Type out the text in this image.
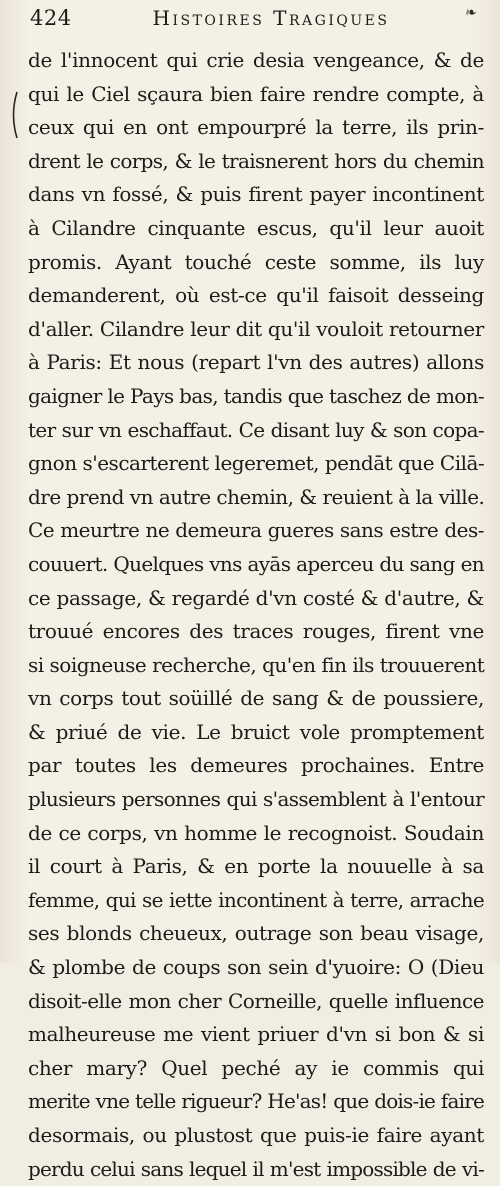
424	Histoires Tragiques	❧
de l'innocent qui crie desia vengeance, & de
qui le Ciel sçaura bien faire rendre compte, à
ceux qui en ont empourpré la terre, ils prin-
drent le corps, & le traisnerent hors du chemin
dans vn fossé, & puis firent payer incontinent
à Cilandre cinquante escus, qu'il leur auoit
promis. Ayant touché ceste somme, ils luy
demanderent, où est-ce qu'il faisoit desseing
d'aller. Cilandre leur dit qu'il vouloit retourner
à Paris: Et nous (repart l'vn des autres) allons
gaigner le Pays bas, tandis que taschez de mon-
ter sur vn eschaffaut. Ce disant luy & son copa-
gnon s'escarterent legeremet, pendāt que Cilā-
dre prend vn autre chemin, & reuient à la ville.
Ce meurtre ne demeura gueres sans estre des-
couuert. Quelques vns ayās aperceu du sang en
ce passage, & regardé d'vn costé & d'autre, &
trouué encores des traces rouges, firent vne
si soigneuse recherche, qu'en fin ils trouuerent
vn corps tout soüillé de sang & de poussiere,
& priué de vie. Le bruict vole promptement
par toutes les demeures prochaines. Entre
plusieurs personnes qui s'assemblent à l'entour
de ce corps, vn homme le recognoist. Soudain
il court à Paris, & en porte la nouuelle à sa
femme, qui se iette incontinent à terre, arrache
ses blonds cheueux, outrage son beau visage,
& plombe de coups son sein d'yuoire: O (Dieu
disoit-elle mon cher Corneille, quelle influence
malheureuse me vient priuer d'vn si bon & si
cher mary? Quel peché ay ie commis qui
merite vne telle rigueur? He'as! que dois-ie faire
desormais, ou plustost que puis-ie faire ayant
perdu celui sans lequel il m'est impossible de vi-
